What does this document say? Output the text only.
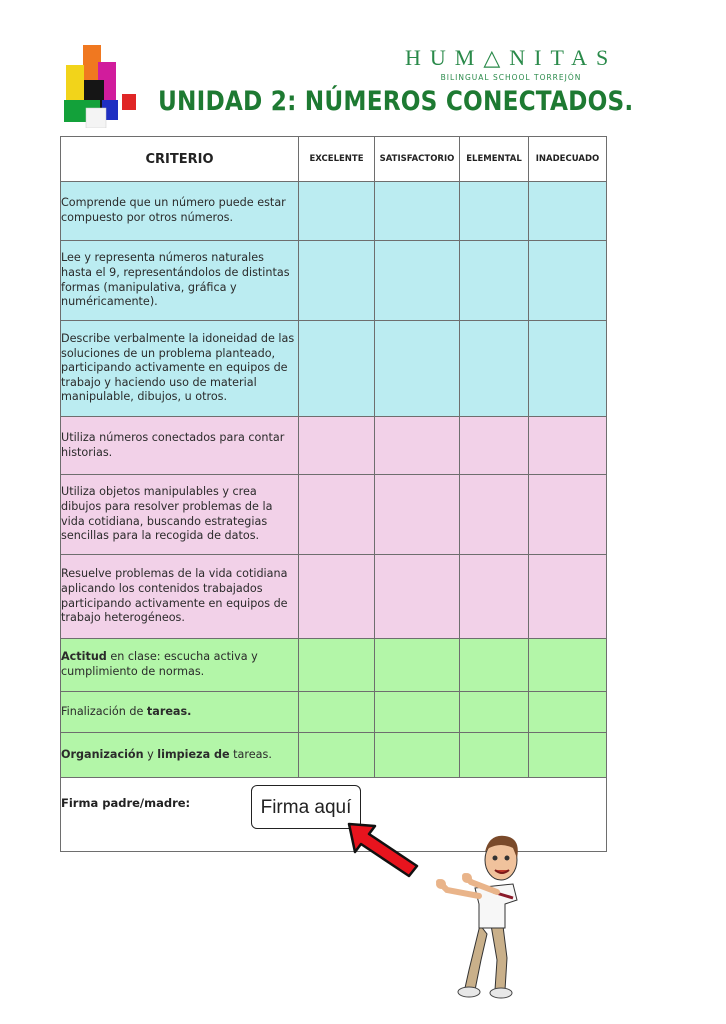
HUM△NITAS
BILINGUAL SCHOOL TORREJÓN
UNIDAD 2: NÚMEROS CONECTADOS.
CRITERIO	EXCELENTE	SATISFACTORIO	ELEMENTAL	INADECUADO
Comprende que un número puede estar compuesto por otros números.				
Lee y representa números naturales hasta el 9, representándolos de distintas formas (manipulativa, gráfica y numéricamente).				
Describe verbalmente la idoneidad de las soluciones de un problema planteado, participando activamente en equipos de trabajo y haciendo uso de material manipulable, dibujos, u otros.				
Utiliza números conectados para contar historias.				
Utiliza objetos manipulables y crea dibujos para resolver problemas de la vida cotidiana, buscando estrategias sencillas para la recogida de datos.				
Resuelve problemas de la vida cotidiana aplicando los contenidos trabajados participando activamente en equipos de trabajo heterogéneos.				
Actitud en clase: escucha activa y cumplimiento de normas.				
Finalización de tareas.				
Organización y limpieza de tareas.				
Firma padre/madre:					Firma aquí
